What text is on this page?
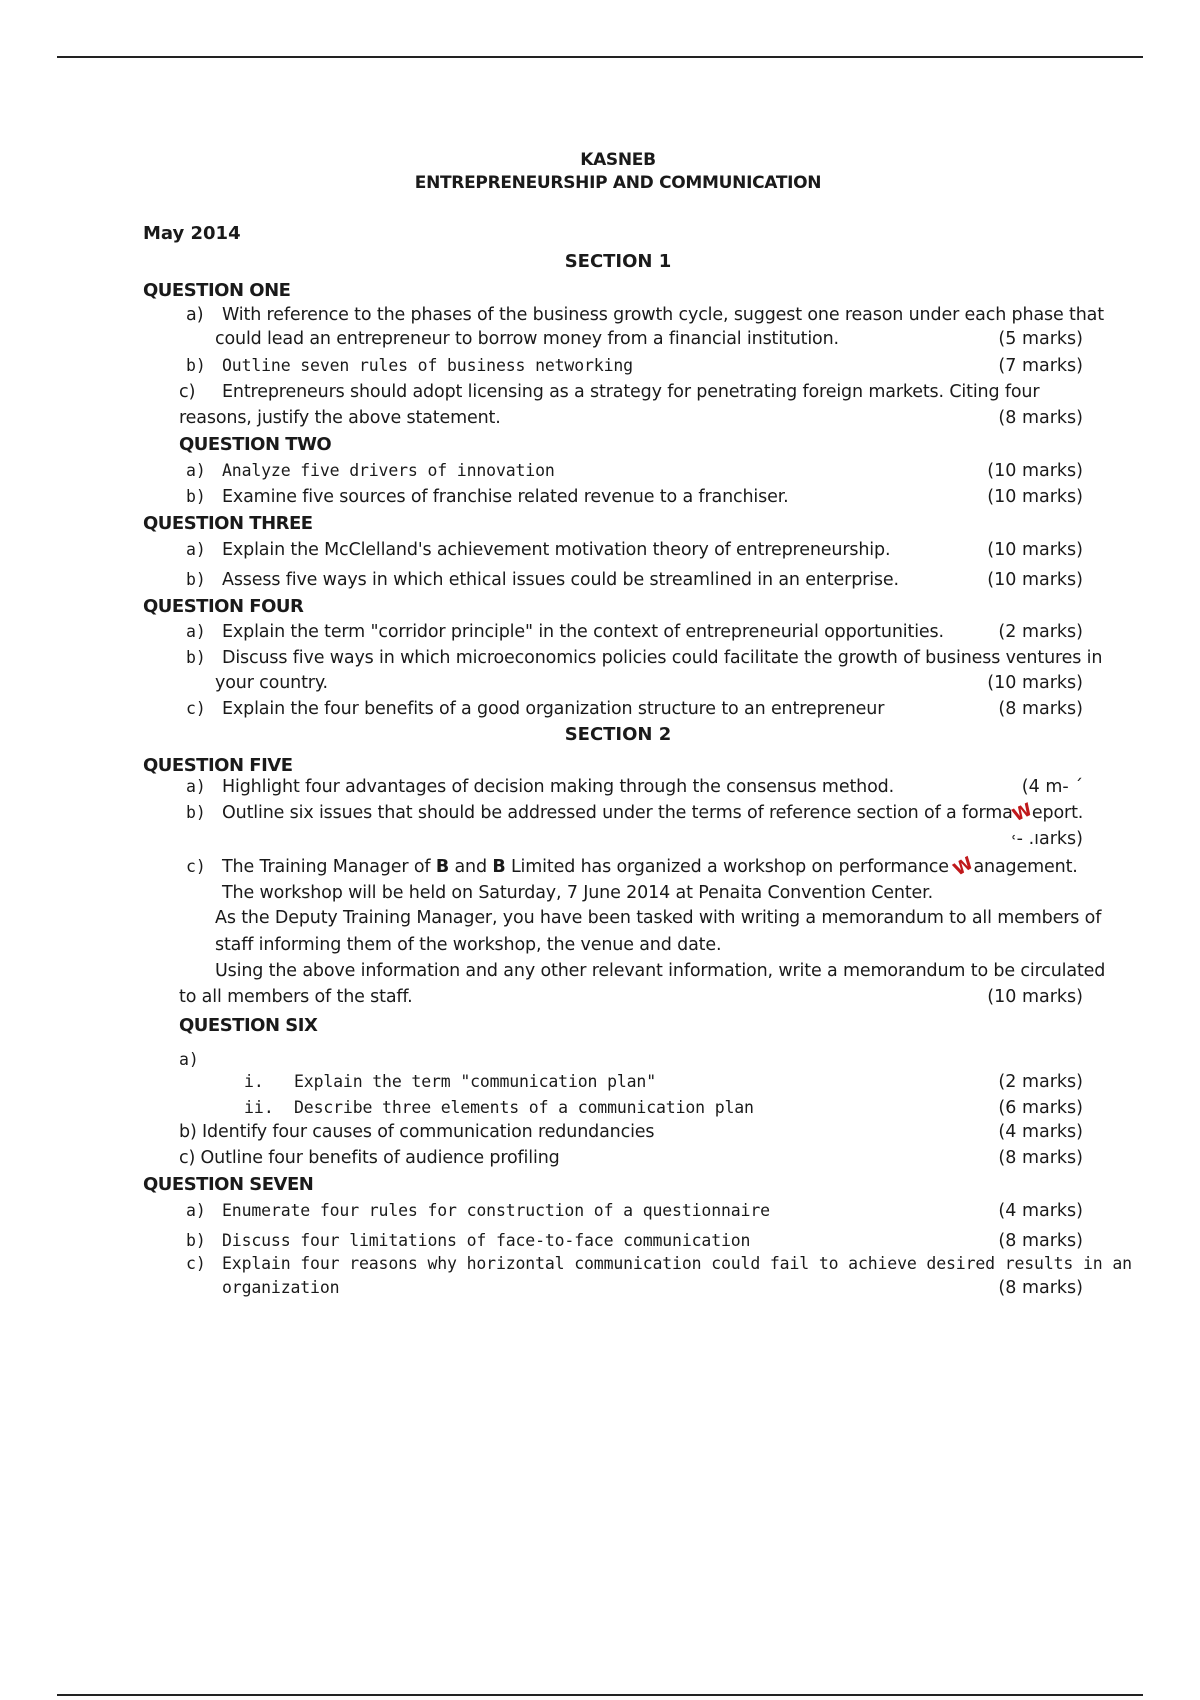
KASNEB
ENTREPRENEURSHIP AND COMMUNICATION
May 2014
SECTION 1
QUESTION ONE
a) With reference to the phases of the business growth cycle, suggest one reason under each phase that
could lead an entrepreneur to borrow money from a financial institution.	(5 marks)
b) Outline seven rules of business networking	(7 marks)
c) Entrepreneurs should adopt licensing as a strategy for penetrating foreign markets. Citing four
reasons, justify the above statement.	(8 marks)
QUESTION TWO
a) Analyze five drivers of innovation	(10 marks)
b) Examine five sources of franchise related revenue to a franchiser.	(10 marks)
QUESTION THREE
a) Explain the McClelland's achievement motivation theory of entrepreneurship.	(10 marks)
b) Assess five ways in which ethical issues could be streamlined in an enterprise.	(10 marks)
QUESTION FOUR
a) Explain the term "corridor principle" in the context of entrepreneurial opportunities.	(2 marks)
b) Discuss five ways in which microeconomics policies could facilitate the growth of business ventures in
your country.	(10 marks)
c) Explain the four benefits of a good organization structure to an entrepreneur	(8 marks)
SECTION 2
QUESTION FIVE
a) Highlight four advantages of decision making through the consensus method.	(4 m‐ ´
b) Outline six issues that should be addressed under the terms of reference section of a formaWeport.
˓‐ .ıarks)
c) The Training Manager of B and B Limited has organized a workshop on performance Wanagement.
The workshop will be held on Saturday, 7 June 2014 at Penaita Convention Center.
As the Deputy Training Manager, you have been tasked with writing a memorandum to all members of
staff informing them of the workshop, the venue and date.
Using the above information and any other relevant information, write a memorandum to be circulated
to all members of the staff.	(10 marks)
QUESTION SIX
a)
i. Explain the term "communication plan"	(2 marks)
ii. Describe three elements of a communication plan	(6 marks)
b) Identify four causes of communication redundancies	(4 marks)
c) Outline four benefits of audience profiling	(8 marks)
QUESTION SEVEN
a) Enumerate four rules for construction of a questionnaire	(4 marks)
b) Discuss four limitations of face-to-face communication	(8 marks)
c) Explain four reasons why horizontal communication could fail to achieve desired results in an
organization	(8 marks)
